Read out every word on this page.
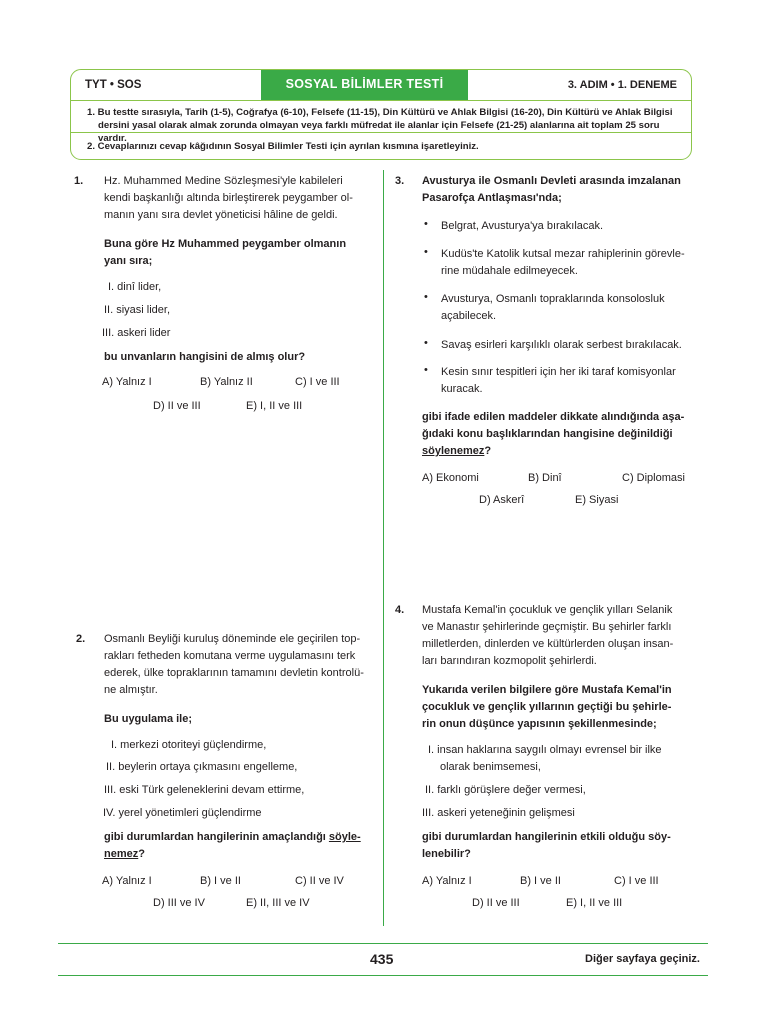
TYT • SOS	SOSYAL BİLİMLER TESTİ	3. ADIM • 1. DENEME
1. Bu testte sırasıyla, Tarih (1-5), Coğrafya (6-10), Felsefe (11-15), Din Kültürü ve Ahlak Bilgisi (16-20), Din Kültürü ve Ahlak Bilgisi
dersini yasal olarak almak zorunda olmayan veya farklı müfredat ile alanlar için Felsefe (21-25) alanlarına ait toplam 25 soru vardır.
2. Cevaplarınızı cevap kâğıdının Sosyal Bilimler Testi için ayrılan kısmına işaretleyiniz.
1. Hz. Muhammed Medine Sözleşmesi'yle kabileleri
kendi başkanlığı altında birleştirerek peygamber ol-
manın yanı sıra devlet yöneticisi hâline de geldi.
Buna göre Hz Muhammed peygamber olmanın
yanı sıra;
I. dinî lider,
II. siyasi lider,
III. askeri lider
bu unvanların hangisini de almış olur?
A) Yalnız I	B) Yalnız II	C) I ve III
D) II ve III	E) I, II ve III
2. Osmanlı Beyliği kuruluş döneminde ele geçirilen top-
rakları fetheden komutana verme uygulamasını terk
ederek, ülke topraklarının tamamını devletin kontrolü-
ne almıştır.
Bu uygulama ile;
I. merkezi otoriteyi güçlendirme,
II. beylerin ortaya çıkmasını engelleme,
III. eski Türk geleneklerini devam ettirme,
IV. yerel yönetimleri güçlendirme
gibi durumlardan hangilerinin amaçlandığı söyle-
nemez?
A) Yalnız I	B) I ve II	C) II ve IV
D) III ve IV	E) II, III ve IV
3. Avusturya ile Osmanlı Devleti arasında imzalanan
Pasarofça Antlaşması'nda;
• Belgrat, Avusturya'ya bırakılacak.
• Kudüs'te Katolik kutsal mezar rahiplerinin görevle-
rine müdahale edilmeyecek.
• Avusturya, Osmanlı topraklarında konsolosluk
açabilecek.
• Savaş esirleri karşılıklı olarak serbest bırakılacak.
• Kesin sınır tespitleri için her iki taraf komisyonlar
kuracak.
gibi ifade edilen maddeler dikkate alındığında aşa-
ğıdaki konu başlıklarından hangisine değinildiği
söylenemez?
A) Ekonomi	B) Dinî	C) Diplomasi
D) Askerî	E) Siyasi
4. Mustafa Kemal'in çocukluk ve gençlik yılları Selanik
ve Manastır şehirlerinde geçmiştir. Bu şehirler farklı
milletlerden, dinlerden ve kültürlerden oluşan insan-
ları barındıran kozmopolit şehirlerdi.
Yukarıda verilen bilgilere göre Mustafa Kemal'in
çocukluk ve gençlik yıllarının geçtiği bu şehirle-
rin onun düşünce yapısının şekillenmesinde;
I. insan haklarına saygılı olmayı evrensel bir ilke
olarak benimsemesi,
II. farklı görüşlere değer vermesi,
III. askeri yeteneğinin gelişmesi
gibi durumlardan hangilerinin etkili olduğu söy-
lenebilir?
A) Yalnız I	B) I ve II	C) I ve III
D) II ve III	E) I, II ve III
435	Diğer sayfaya geçiniz.
